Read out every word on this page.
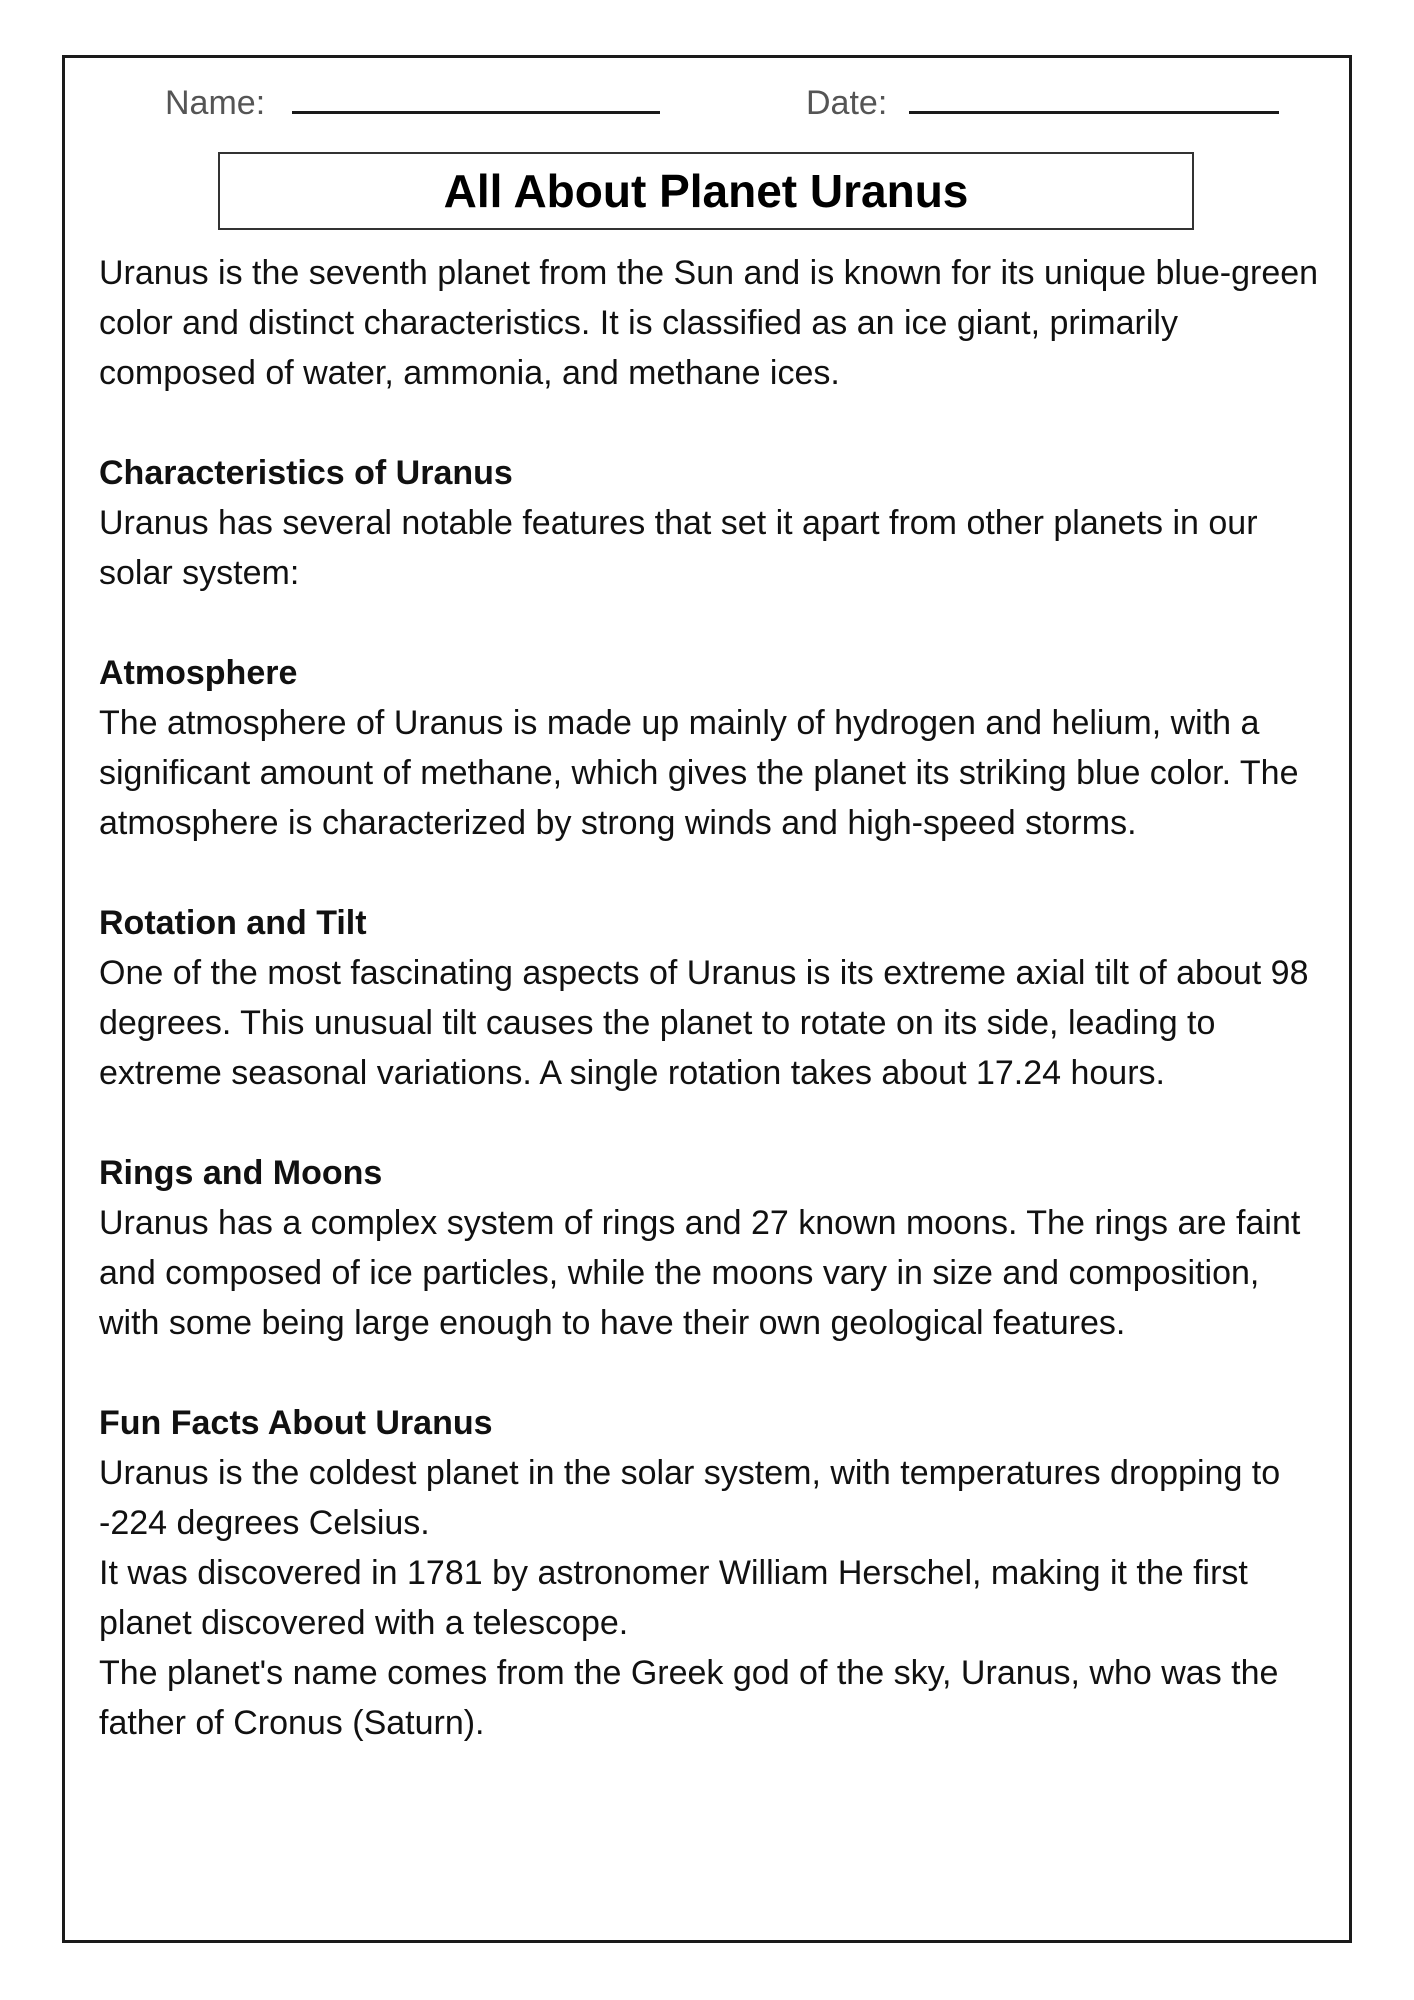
Name:	Date:
All About Planet Uranus

Uranus is the seventh planet from the Sun and is known for its unique blue-green color and distinct characteristics. It is classified as an ice giant, primarily composed of water, ammonia, and methane ices.

Characteristics of Uranus

Uranus has several notable features that set it apart from other planets in our solar system:

Atmosphere

The atmosphere of Uranus is made up mainly of hydrogen and helium, with a significant amount of methane, which gives the planet its striking blue color. The atmosphere is characterized by strong winds and high-speed storms.

Rotation and Tilt

One of the most fascinating aspects of Uranus is its extreme axial tilt of about 98 degrees. This unusual tilt causes the planet to rotate on its side, leading to extreme seasonal variations. A single rotation takes about 17.24 hours.

Rings and Moons

Uranus has a complex system of rings and 27 known moons. The rings are faint and composed of ice particles, while the moons vary in size and composition, with some being large enough to have their own geological features.

Fun Facts About Uranus

Uranus is the coldest planet in the solar system, with temperatures dropping to -224 degrees Celsius.

It was discovered in 1781 by astronomer William Herschel, making it the first planet discovered with a telescope.

The planet's name comes from the Greek god of the sky, Uranus, who was the father of Cronus (Saturn).
